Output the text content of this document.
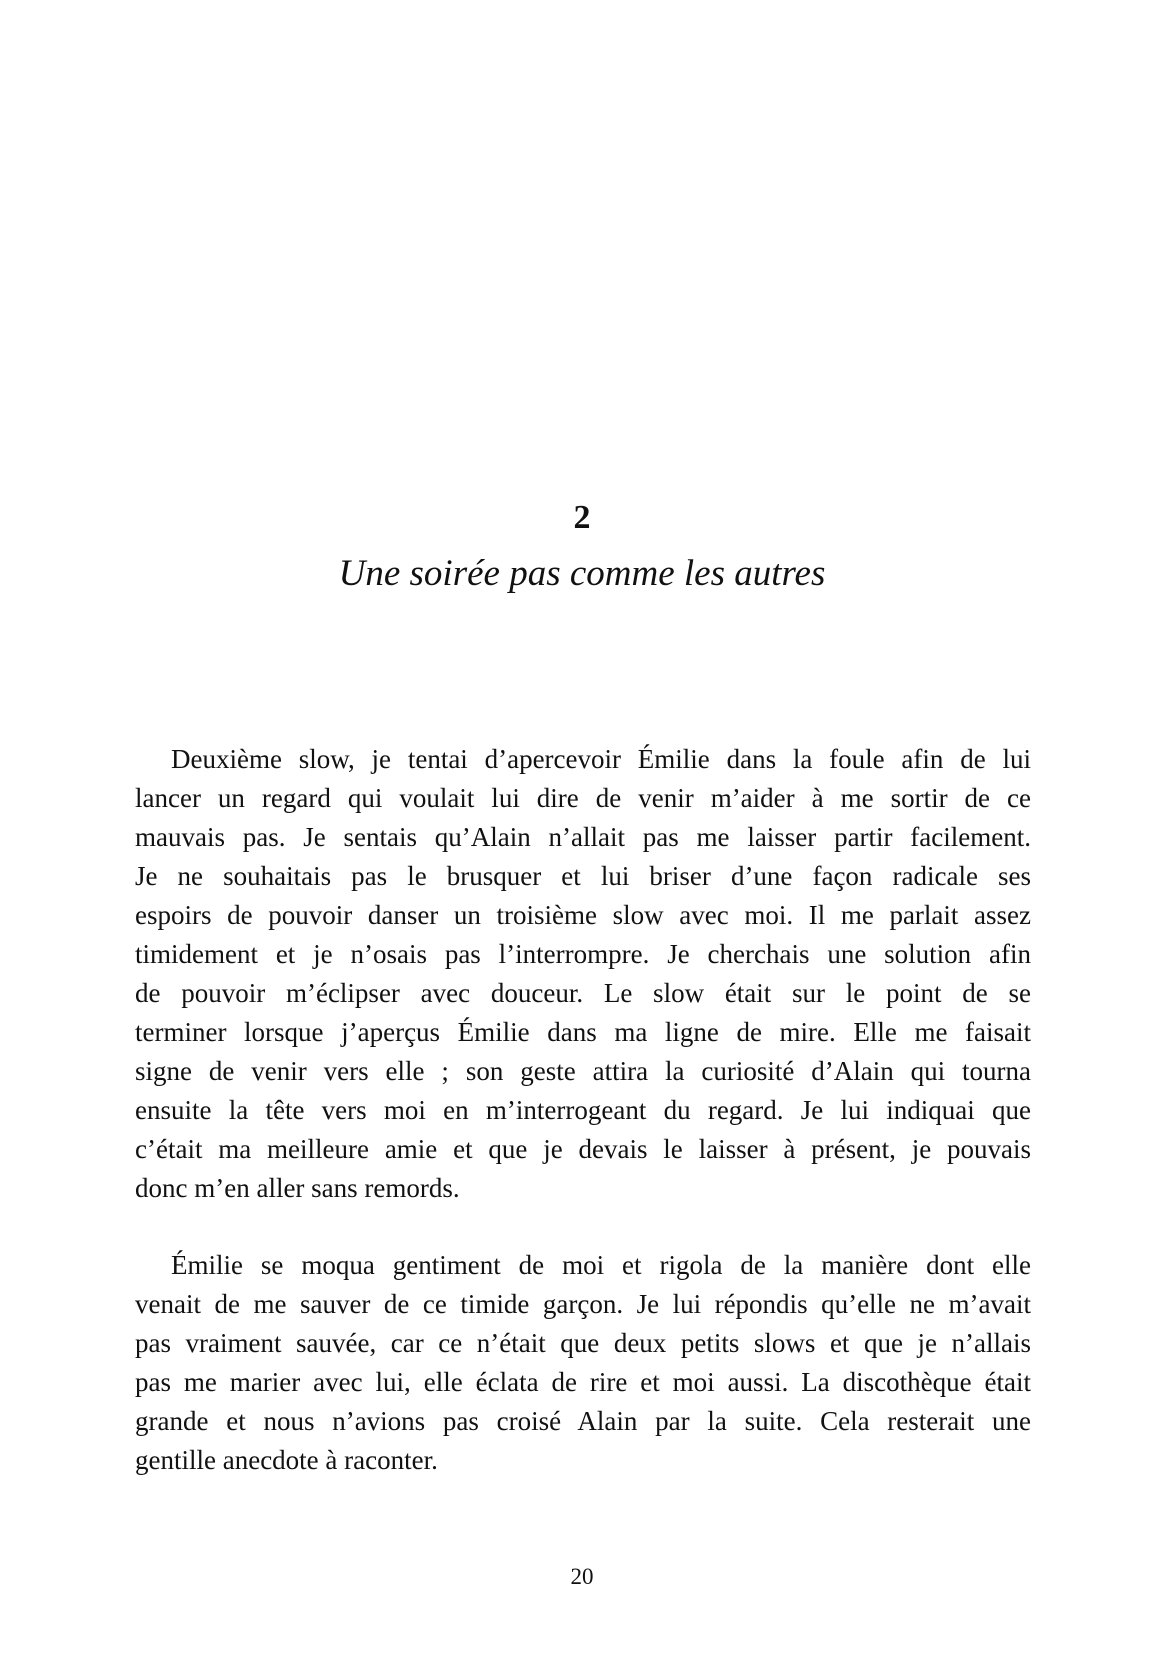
2
Une soirée pas comme les autres

Deuxième slow, je tentai d’apercevoir Émilie dans la foule afin de lui
lancer un regard qui voulait lui dire de venir m’aider à me sortir de ce
mauvais pas. Je sentais qu’Alain n’allait pas me laisser partir facilement.
Je ne souhaitais pas le brusquer et lui briser d’une façon radicale ses
espoirs de pouvoir danser un troisième slow avec moi. Il me parlait assez
timidement et je n’osais pas l’interrompre. Je cherchais une solution afin
de pouvoir m’éclipser avec douceur. Le slow était sur le point de se
terminer lorsque j’aperçus Émilie dans ma ligne de mire. Elle me faisait
signe de venir vers elle ; son geste attira la curiosité d’Alain qui tourna
ensuite la tête vers moi en m’interrogeant du regard. Je lui indiquai que
c’était ma meilleure amie et que je devais le laisser à présent, je pouvais
donc m’en aller sans remords.

Émilie se moqua gentiment de moi et rigola de la manière dont elle
venait de me sauver de ce timide garçon. Je lui répondis qu’elle ne m’avait
pas vraiment sauvée, car ce n’était que deux petits slows et que je n’allais
pas me marier avec lui, elle éclata de rire et moi aussi. La discothèque était
grande et nous n’avions pas croisé Alain par la suite. Cela resterait une
gentille anecdote à raconter.

20
